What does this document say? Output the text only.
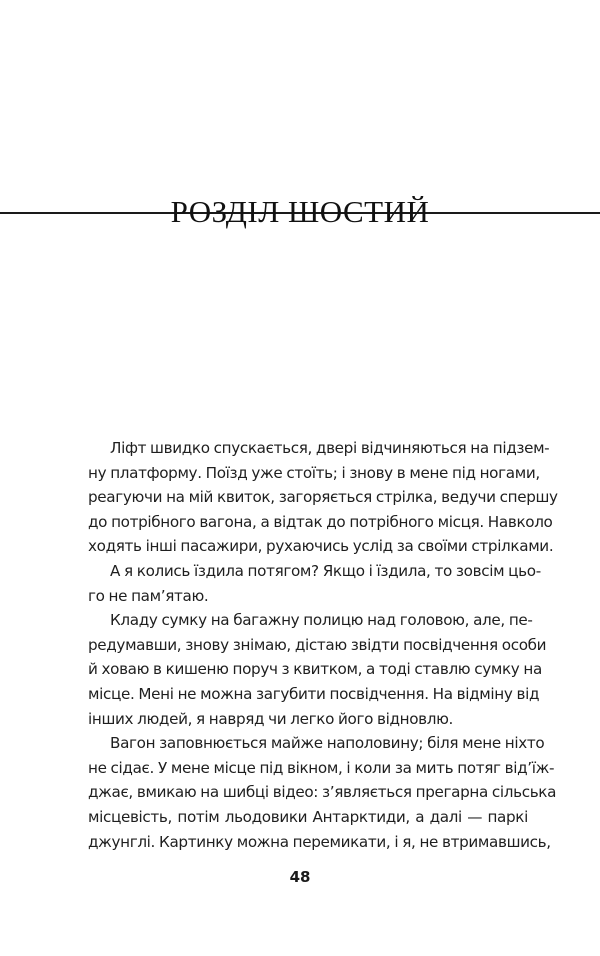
РОЗДІЛ ШОСТИЙ
Ліфт швидко спускається, двері відчиняються на підзем-
ну платформу. Поїзд уже стоїть; і знову в мене під ногами,
реагуючи на мій квиток, загоряється стрілка, ведучи спершу
до потрібного вагона, а відтак до потрібного місця. Навколо
ходять інші пасажири, рухаючись услід за своїми стрілками.
А я колись їздила потягом? Якщо і їздила, то зовсім цьо-
го не пам’ятаю.
Кладу сумку на багажну полицю над головою, але, пе-
редумавши, знову знімаю, дістаю звідти посвідчення особи
й ховаю в кишеню поруч з квитком, а тоді ставлю сумку на
місце. Мені не можна загубити посвідчення. На відміну від
інших людей, я навряд чи легко його відновлю.
Вагон заповнюється майже наполовину; біля мене ніхто
не сідає. У мене місце під вікном, і коли за мить потяг від’їж-
джає, вмикаю на шибці відео: з’являється прегарна сільська
місцевість, потім льодовики Антарктиди, а далі — паркі
джунглі. Картинку можна перемикати, і я, не втримавшись,
48
